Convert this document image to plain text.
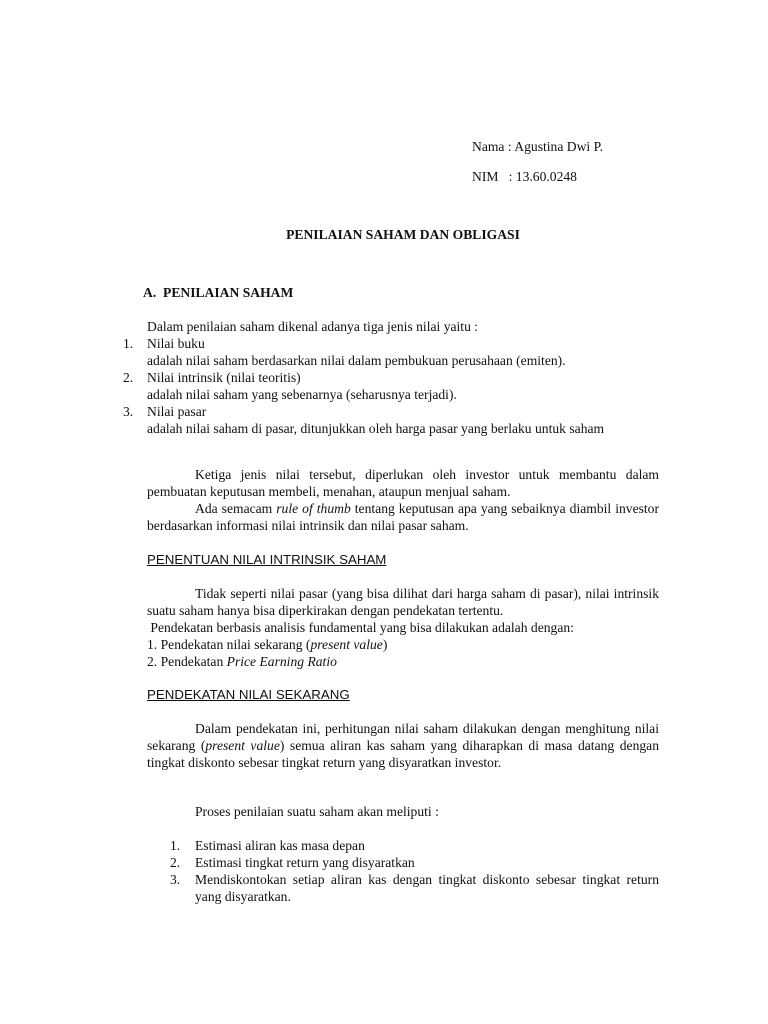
Nama : Agustina Dwi P.
NIM   : 13.60.0248
PENILAIAN SAHAM DAN OBLIGASI
A.  PENILAIAN SAHAM
Dalam penilaian saham dikenal adanya tiga jenis nilai yaitu :
1. Nilai buku
adalah nilai saham berdasarkan nilai dalam pembukuan perusahaan (emiten).
2. Nilai intrinsik (nilai teoritis)
adalah nilai saham yang sebenarnya (seharusnya terjadi).
3. Nilai pasar
adalah nilai saham di pasar, ditunjukkan oleh harga pasar yang berlaku untuk saham
Ketiga jenis nilai tersebut, diperlukan oleh investor untuk membantu dalam pembuatan keputusan membeli, menahan, ataupun menjual saham.
Ada semacam rule of thumb tentang keputusan apa yang sebaiknya diambil investor berdasarkan informasi nilai intrinsik dan nilai pasar saham.
PENENTUAN NILAI INTRINSIK SAHAM
Tidak seperti nilai pasar (yang bisa dilihat dari harga saham di pasar), nilai intrinsik suatu saham hanya bisa diperkirakan dengan pendekatan tertentu.
Pendekatan berbasis analisis fundamental yang bisa dilakukan adalah dengan:
1. Pendekatan nilai sekarang (present value)
2. Pendekatan Price Earning Ratio
PENDEKATAN NILAI SEKARANG
Dalam pendekatan ini, perhitungan nilai saham dilakukan dengan menghitung nilai sekarang (present value) semua aliran kas saham yang diharapkan di masa datang dengan tingkat diskonto sebesar tingkat return yang disyaratkan investor.
Proses penilaian suatu saham akan meliputi :
1. Estimasi aliran kas masa depan
2. Estimasi tingkat return yang disyaratkan
3. Mendiskontokan setiap aliran kas dengan tingkat diskonto sebesar tingkat return yang disyaratkan.
